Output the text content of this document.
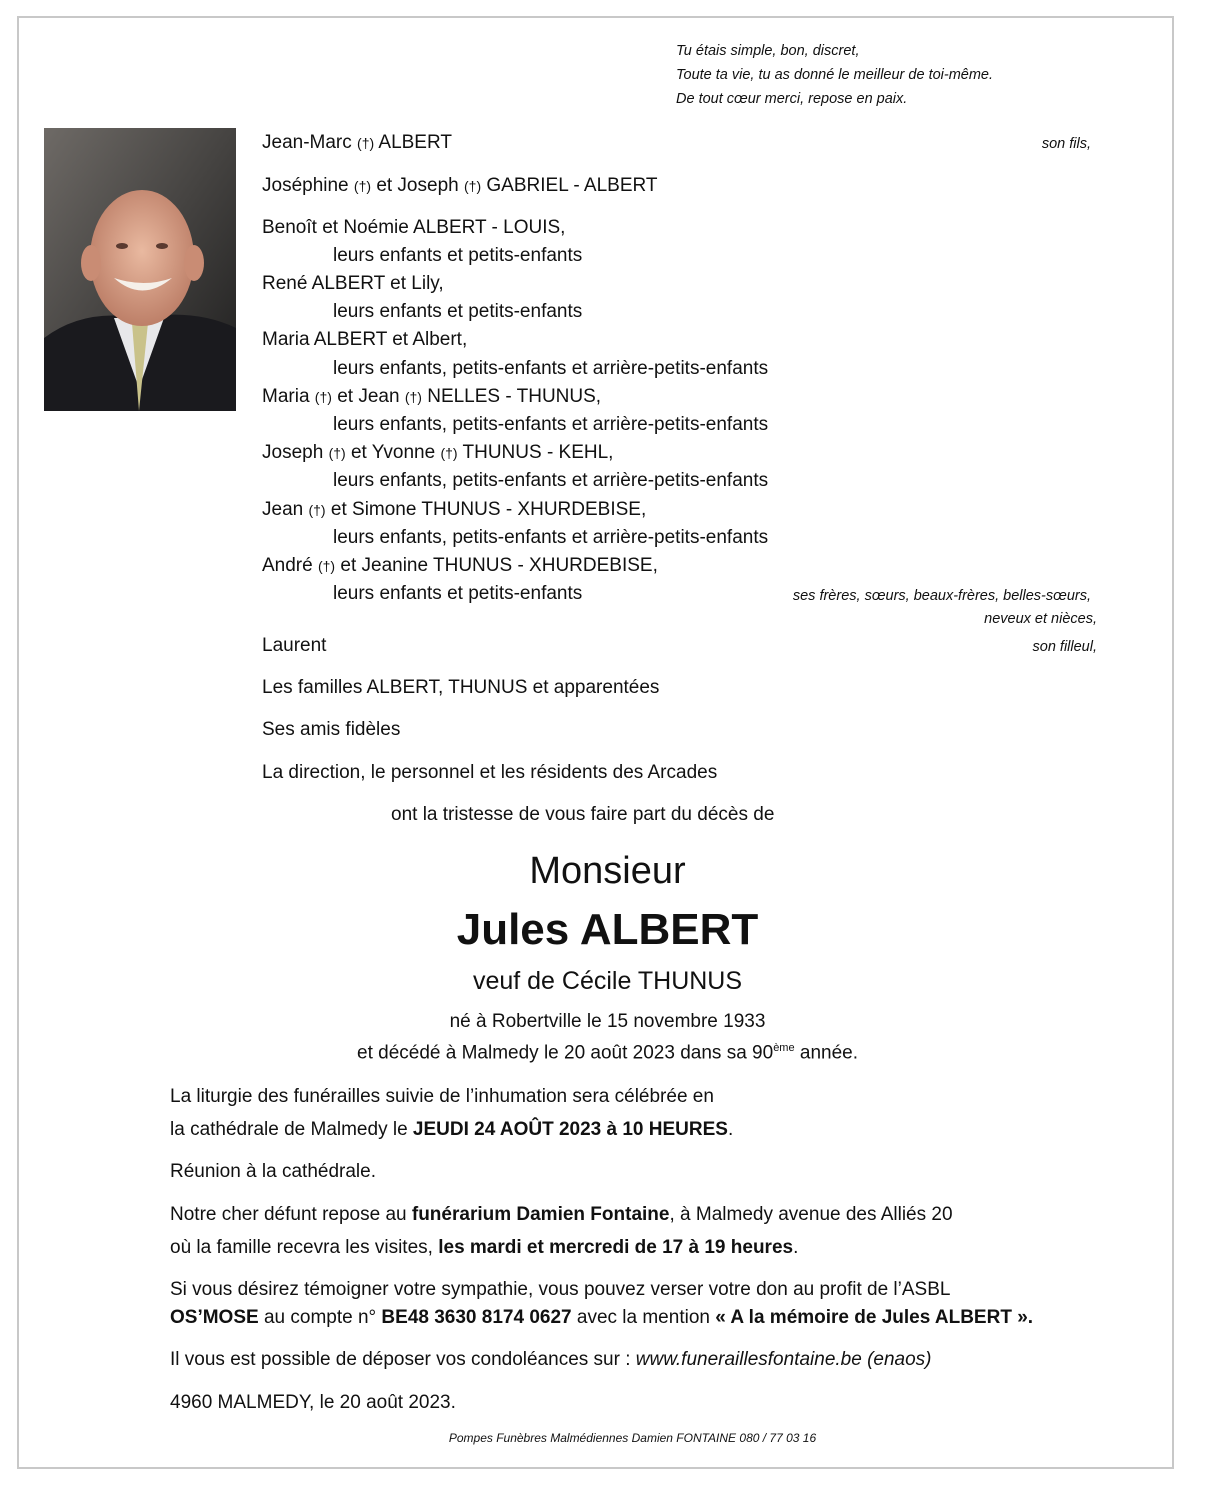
Tu étais simple, bon, discret,
Toute ta vie, tu as donné le meilleur de toi-même.
De tout cœur merci, repose en paix.
Jean-Marc (†) ALBERT	son fils,
Joséphine (†) et Joseph (†) GABRIEL - ALBERT
Benoît et Noémie ALBERT - LOUIS,
leurs enfants et petits-enfants
René ALBERT et Lily,
leurs enfants et petits-enfants
Maria ALBERT et Albert,
leurs enfants, petits-enfants et arrière-petits-enfants
Maria (†) et Jean (†) NELLES - THUNUS,
leurs enfants, petits-enfants et arrière-petits-enfants
Joseph (†) et Yvonne (†) THUNUS - KEHL,
leurs enfants, petits-enfants et arrière-petits-enfants
Jean (†) et Simone THUNUS - XHURDEBISE,
leurs enfants, petits-enfants et arrière-petits-enfants
André (†) et Jeanine THUNUS - XHURDEBISE,
leurs enfants et petits-enfants	ses frères, sœurs, beaux-frères, belles-sœurs,
neveux et nièces,
Laurent	son filleul,
Les familles ALBERT, THUNUS et apparentées
Ses amis fidèles
La direction, le personnel et les résidents des Arcades
ont la tristesse de vous faire part du décès de
Monsieur
Jules ALBERT
veuf de Cécile THUNUS
né à Robertville le 15 novembre 1933
et décédé à Malmedy le 20 août 2023 dans sa 90ème année.
La liturgie des funérailles suivie de l’inhumation sera célébrée en
la cathédrale de Malmedy le JEUDI 24 AOÛT 2023 à 10 HEURES.
Réunion à la cathédrale.
Notre cher défunt repose au funérarium Damien Fontaine, à Malmedy avenue des Alliés 20
où la famille recevra les visites, les mardi et mercredi de 17 à 19 heures.
Si vous désirez témoigner votre sympathie, vous pouvez verser votre don au profit de l’ASBL
OS’MOSE au compte n° BE48 3630 8174 0627 avec la mention « A la mémoire de Jules ALBERT ».
Il vous est possible de déposer vos condoléances sur : www.funeraillesfontaine.be (enaos)
4960 MALMEDY, le 20 août 2023.
Pompes Funèbres Malmédiennes Damien FONTAINE 080 / 77 03 16
